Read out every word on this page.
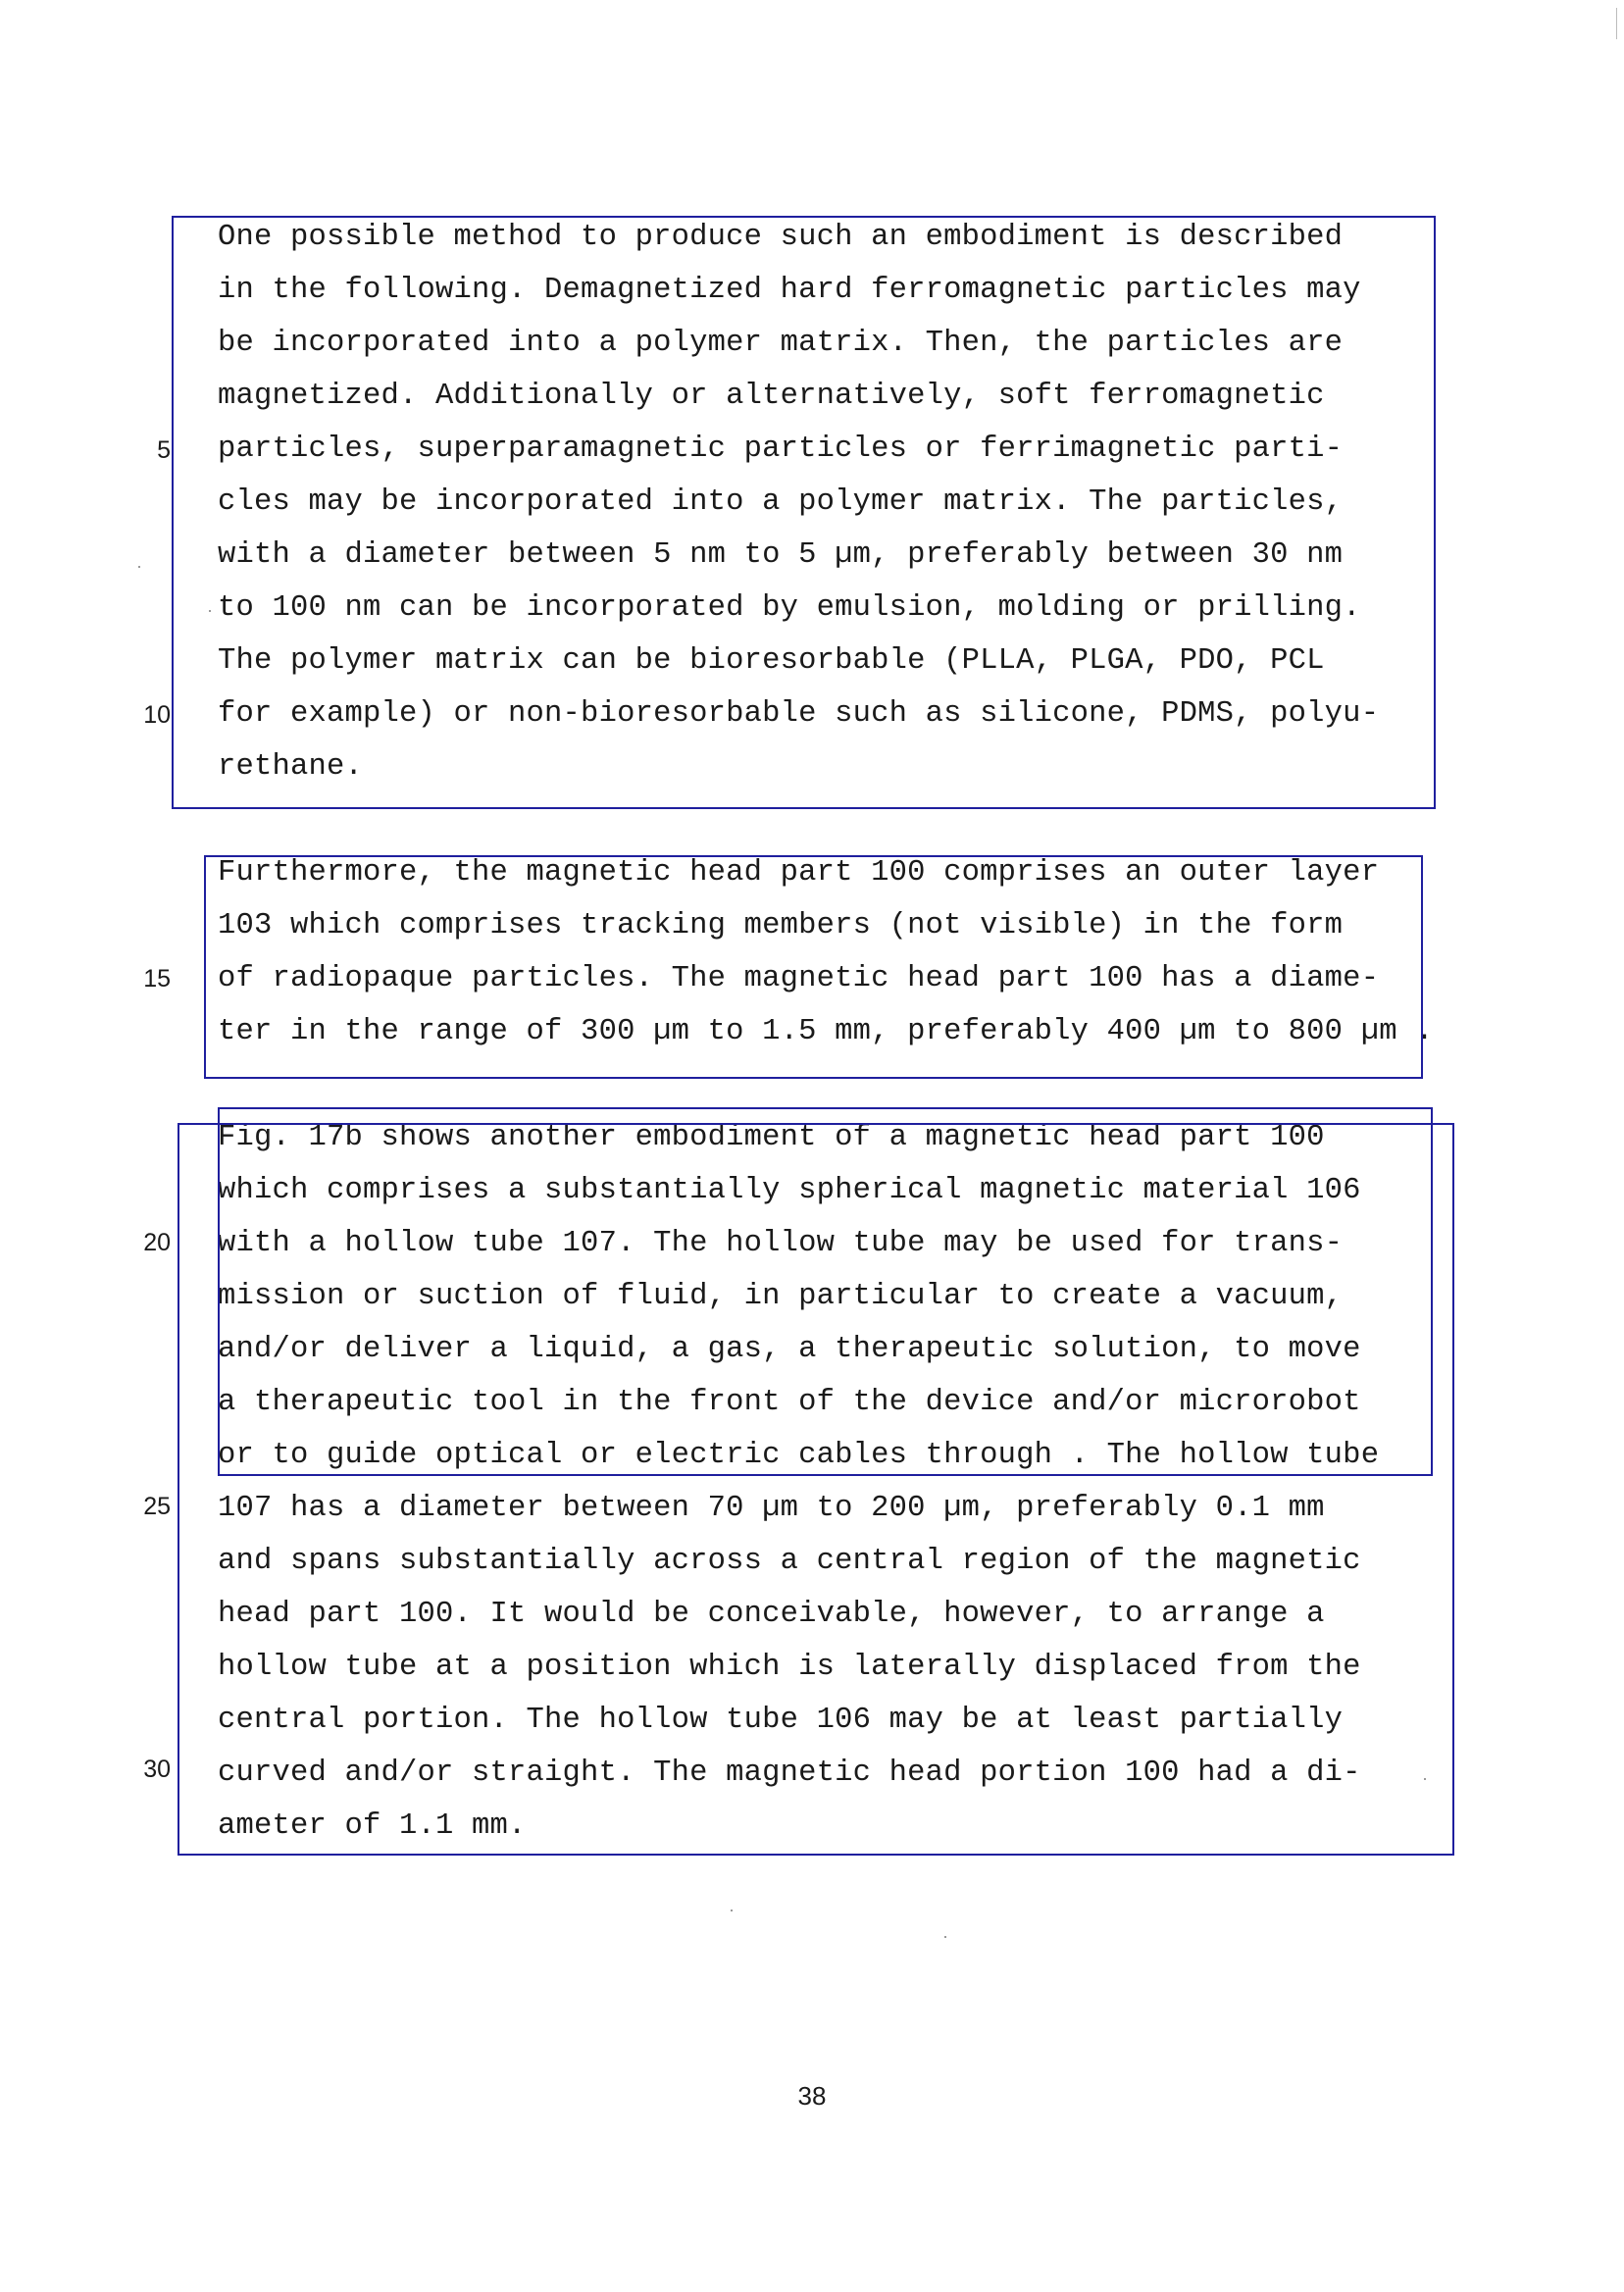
One possible method to produce such an embodiment is described
in the following. Demagnetized hard ferromagnetic particles may
be incorporated into a polymer matrix. Then, the particles are
magnetized. Additionally or alternatively, soft ferromagnetic
particles, superparamagnetic particles or ferrimagnetic parti-
cles may be incorporated into a polymer matrix. The particles,
with a diameter between 5 nm to 5 µm, preferably between 30 nm
to 100 nm can be incorporated by emulsion, molding or prilling.
The polymer matrix can be bioresorbable (PLLA, PLGA, PDO, PCL
for example) or non-bioresorbable such as silicone, PDMS, polyu-
rethane.
Furthermore, the magnetic head part 100 comprises an outer layer
103 which comprises tracking members (not visible) in the form
of radiopaque particles. The magnetic head part 100 has a diame-
ter in the range of 300 µm to 1.5 mm, preferably 400 µm to 800 µm .
Fig. 17b shows another embodiment of a magnetic head part 100
which comprises a substantially spherical magnetic material 106
with a hollow tube 107. The hollow tube may be used for trans-
mission or suction of fluid, in particular to create a vacuum,
and/or deliver a liquid, a gas, a therapeutic solution, to move
a therapeutic tool in the front of the device and/or microrobot
or to guide optical or electric cables through . The hollow tube
107 has a diameter between 70 µm to 200 µm, preferably 0.1 mm
and spans substantially across a central region of the magnetic
head part 100. It would be conceivable, however, to arrange a
hollow tube at a position which is laterally displaced from the
central portion. The hollow tube 106 may be at least partially
curved and/or straight. The magnetic head portion 100 had a di-
ameter of 1.1 mm.
5
10
15
20
25
30
38
